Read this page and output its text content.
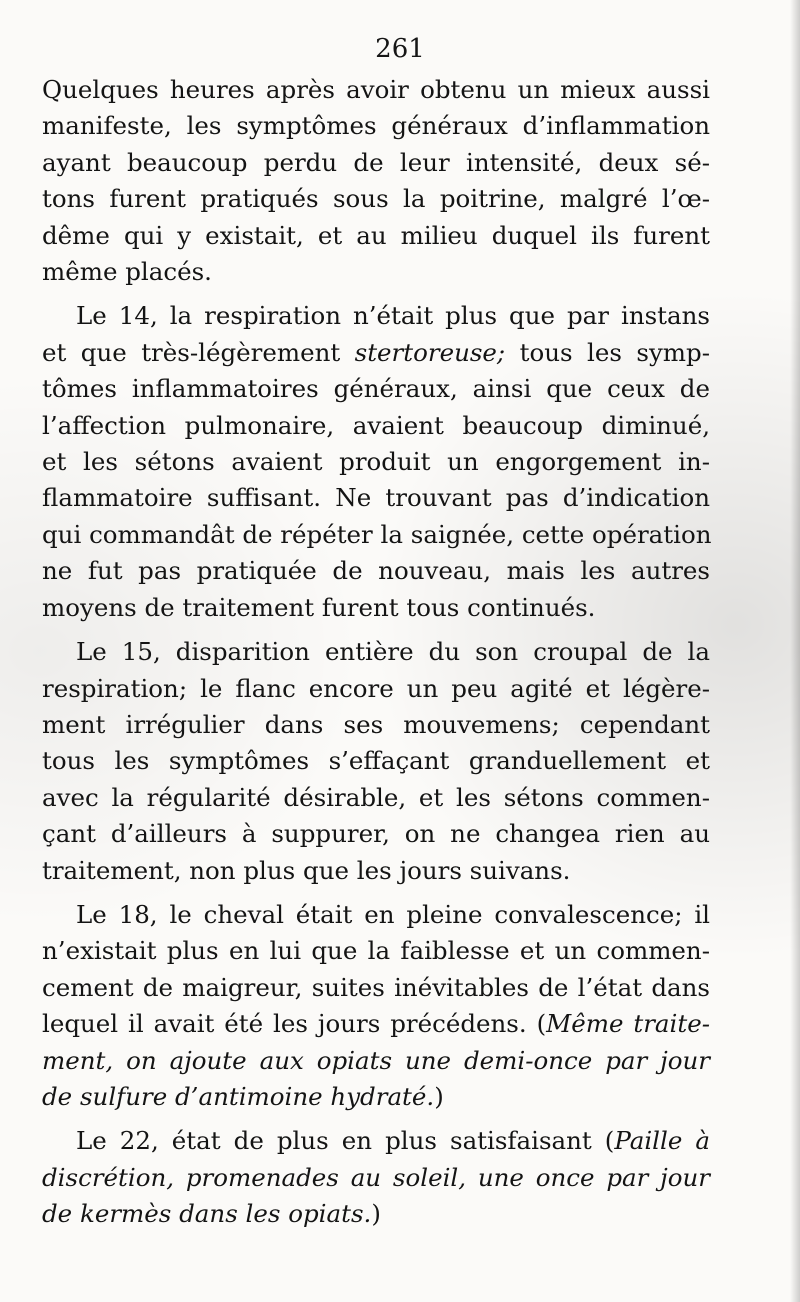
261
Quelques heures après avoir obtenu un mieux aussi
manifeste, les symptômes généraux d’inflammation
ayant beaucoup perdu de leur intensité, deux sé-
tons furent pratiqués sous la poitrine, malgré l’œ-
dême qui y existait, et au milieu duquel ils furent
même placés.
Le 14, la respiration n’était plus que par instans
et que très-légèrement stertoreuse; tous les symp-
tômes inflammatoires généraux, ainsi que ceux de
l’affection pulmonaire, avaient beaucoup diminué,
et les sétons avaient produit un engorgement in-
flammatoire suffisant. Ne trouvant pas d’indication
qui commandât de répéter la saignée, cette opération
ne fut pas pratiquée de nouveau, mais les autres
moyens de traitement furent tous continués.
Le 15, disparition entière du son croupal de la
respiration; le flanc encore un peu agité et légère-
ment irrégulier dans ses mouvemens; cependant
tous les symptômes s’effaçant granduellement et
avec la régularité désirable, et les sétons commen-
çant d’ailleurs à suppurer, on ne changea rien au
traitement, non plus que les jours suivans.
Le 18, le cheval était en pleine convalescence; il
n’existait plus en lui que la faiblesse et un commen-
cement de maigreur, suites inévitables de l’état dans
lequel il avait été les jours précédens. (Même traite-
ment, on ajoute aux opiats une demi-once par jour
de sulfure d’antimoine hydraté.)
Le 22, état de plus en plus satisfaisant (Paille à
discrétion, promenades au soleil, une once par jour
de kermès dans les opiats.)
